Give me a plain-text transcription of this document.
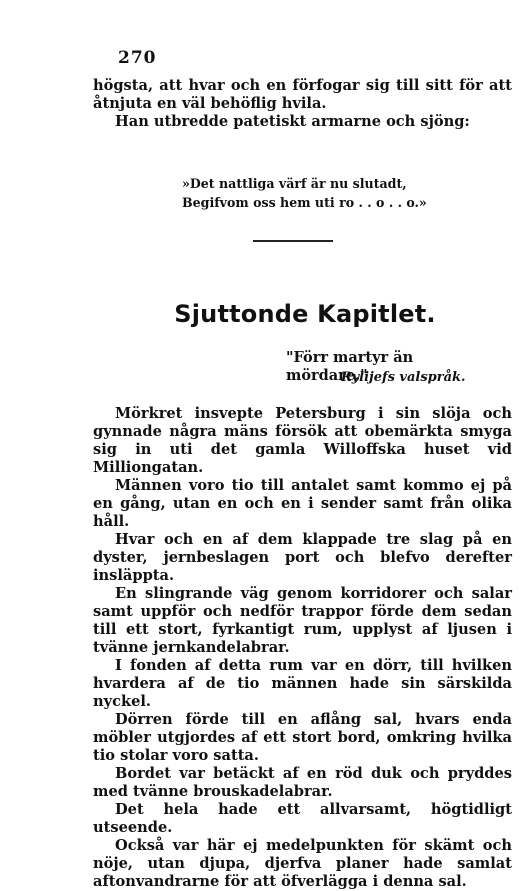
270

högsta, att hvar och en förfogar sig till sitt för att åtnjuta en väl behöflig hvila.

Han utbredde patetiskt armarne och sjöng:

»Det nattliga värf är nu slutadt,
Begifvom oss hem uti ro . . o . . o.»
Sjuttonde Kapitlet.
"Förr martyr än mördare."
Rylijefs valspråk.

Mörkret insvepte Petersburg i sin slöja och gynnade några mäns försök att obemärkta smyga sig in uti det gamla Willoffska huset vid Milliongatan.

Männen voro tio till antalet samt kommo ej på en gång, utan en och en i sender samt från olika håll.

Hvar och en af dem klappade tre slag på en dyster, jernbeslagen port och blefvo derefter insläppta.

En slingrande väg genom korridorer och salar samt uppför och nedför trappor förde dem sedan till ett stort, fyrkantigt rum, upplyst af ljusen i tvänne jernkandelabrar.

I fonden af detta rum var en dörr, till hvilken hvardera af de tio männen hade sin särskilda nyckel.

Dörren förde till en aflång sal, hvars enda möbler utgjordes af ett stort bord, omkring hvilka tio stolar voro satta.

Bordet var betäckt af en röd duk och pryddes med tvänne brouskadelabrar.

Det hela hade ett allvarsamt, högtidligt utseende.

Också var här ej medelpunkten för skämt och nöje, utan djupa, djerfva planer hade samlat aftonvandrarne för att öfverlägga i denna sal.
